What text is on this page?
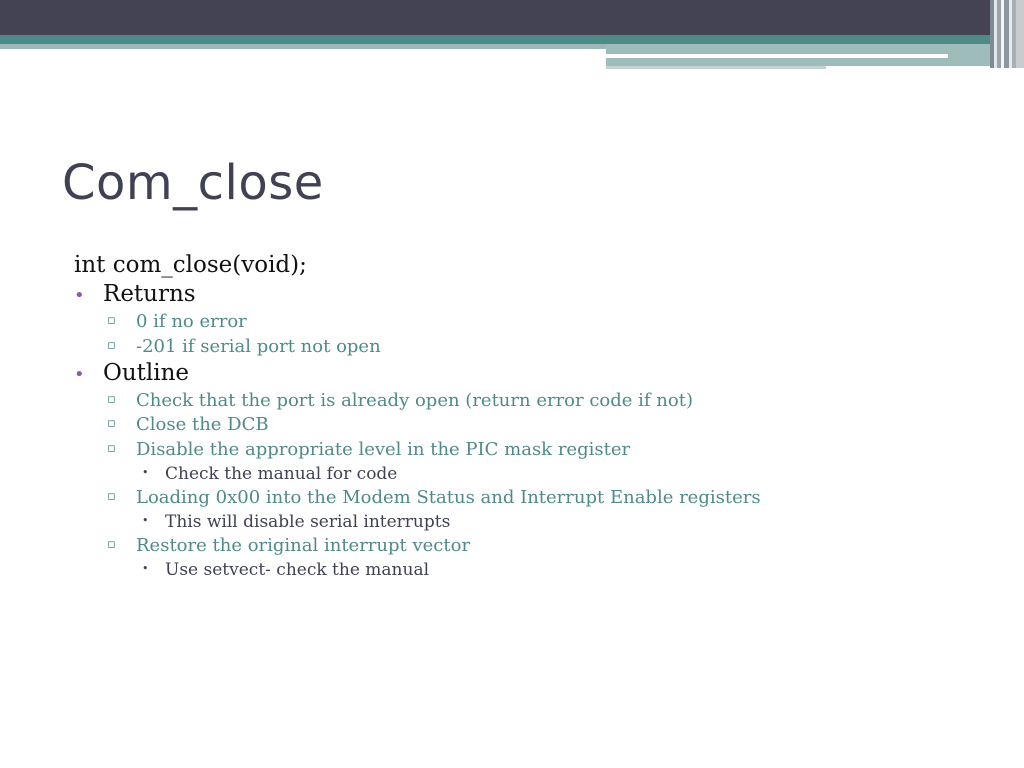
Com_close
int com_close(void);
• Returns
▫ 0 if no error
▫ -201 if serial port not open
• Outline
▫ Check that the port is already open (return error code if not)
▫ Close the DCB
▫ Disable the appropriate level in the PIC mask register
• Check the manual for code
▫ Loading 0x00 into the Modem Status and Interrupt Enable registers
• This will disable serial interrupts
▫ Restore the original interrupt vector
• Use setvect- check the manual
